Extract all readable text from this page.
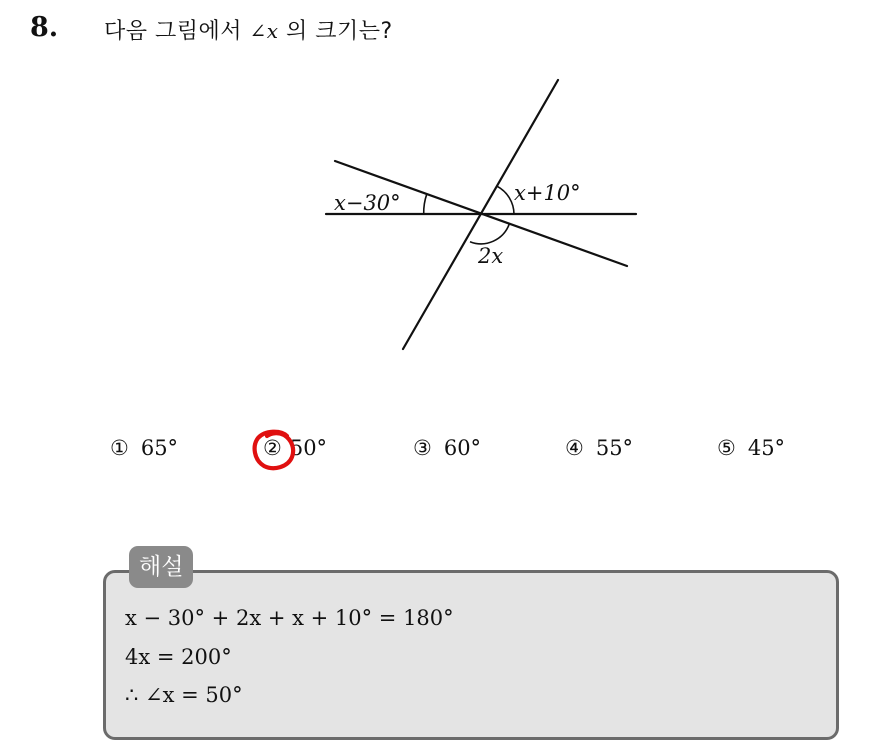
8. 다음 그림에서 ∠x 의 크기는?
x−30°	x+10°
2x
① 65°	② 50°	③ 60°	④ 55°	⑤ 45°
해설
x − 30° + 2x + x + 10° = 180°
4x = 200°
∴ ∠x = 50°
